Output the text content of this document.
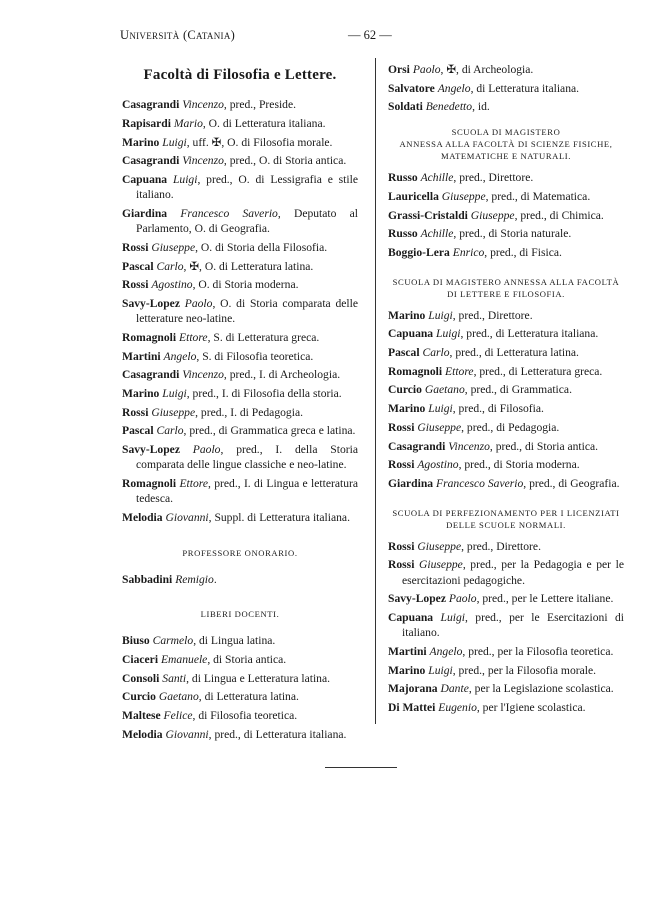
Università (Catania)	— 62 —
Facoltà di Filosofia e Lettere.

Casagrandi Vincenzo, pred., Preside.

Rapisardi Mario, O. di Letteratura italiana.

Marino Luigi, uff. ✠, O. di Filosofia morale.

Casagrandi Vincenzo, pred., O. di Storia antica.

Capuana Luigi, pred., O. di Lessigrafia e stile italiano.

Giardina Francesco Saverio, Deputato al Parlamento, O. di Geografia.

Rossi Giuseppe, O. di Storia della Filosofia.

Pascal Carlo, ✠, O. di Letteratura latina.

Rossi Agostino, O. di Storia moderna.

Savy-Lopez Paolo, O. di Storia comparata delle letterature neo-latine.

Romagnoli Ettore, S. di Letteratura greca.

Martini Angelo, S. di Filosofia teoretica.

Casagrandi Vincenzo, pred., I. di Archeologia.

Marino Luigi, pred., I. di Filosofia della storia.

Rossi Giuseppe, pred., I. di Pedagogia.

Pascal Carlo, pred., di Grammatica greca e latina.

Savy-Lopez Paolo, pred., I. della Storia comparata delle lingue classiche e neo-latine.

Romagnoli Ettore, pred., I. di Lingua e letteratura tedesca.

Melodia Giovanni, Suppl. di Letteratura italiana.

PROFESSORE ONORARIO.

Sabbadini Remigio.

LIBERI DOCENTI.

Biuso Carmelo, di Lingua latina.

Ciaceri Emanuele, di Storia antica.

Consoli Santi, di Lingua e Letteratura latina.

Curcio Gaetano, di Letteratura latina.

Maltese Felice, di Filosofia teoretica.

Melodia Giovanni, pred., di Letteratura italiana.

Orsi Paolo, ✠, di Archeologia.

Salvatore Angelo, di Letteratura italiana.

Soldati Benedetto, id.

SCUOLA DI MAGISTERO
ANNESSA ALLA FACOLTÀ DI SCIENZE FISICHE,
MATEMATICHE E NATURALI.

Russo Achille, pred., Direttore.

Lauricella Giuseppe, pred., di Matematica.

Grassi-Cristaldi Giuseppe, pred., di Chimica.

Russo Achille, pred., di Storia naturale.

Boggio-Lera Enrico, pred., di Fisica.

SCUOLA DI MAGISTERO ANNESSA ALLA FACOLTÀ
DI LETTERE E FILOSOFIA.

Marino Luigi, pred., Direttore.

Capuana Luigi, pred., di Letteratura italiana.

Pascal Carlo, pred., di Letteratura latina.

Romagnoli Ettore, pred., di Letteratura greca.

Curcio Gaetano, pred., di Grammatica.

Marino Luigi, pred., di Filosofia.

Rossi Giuseppe, pred., di Pedagogia.

Casagrandi Vincenzo, pred., di Storia antica.

Rossi Agostino, pred., di Storia moderna.

Giardina Francesco Saverio, pred., di Geografia.

SCUOLA DI PERFEZIONAMENTO PER I LICENZIATI
DELLE SCUOLE NORMALI.

Rossi Giuseppe, pred., Direttore.

Rossi Giuseppe, pred., per la Pedagogia e per le esercitazioni pedagogiche.

Savy-Lopez Paolo, pred., per le Lettere italiane.

Capuana Luigi, pred., per le Esercitazioni di italiano.

Martini Angelo, pred., per la Filosofia teoretica.

Marino Luigi, pred., per la Filosofia morale.

Majorana Dante, per la Legislazione scolastica.

Di Mattei Eugenio, per l'Igiene scolastica.
